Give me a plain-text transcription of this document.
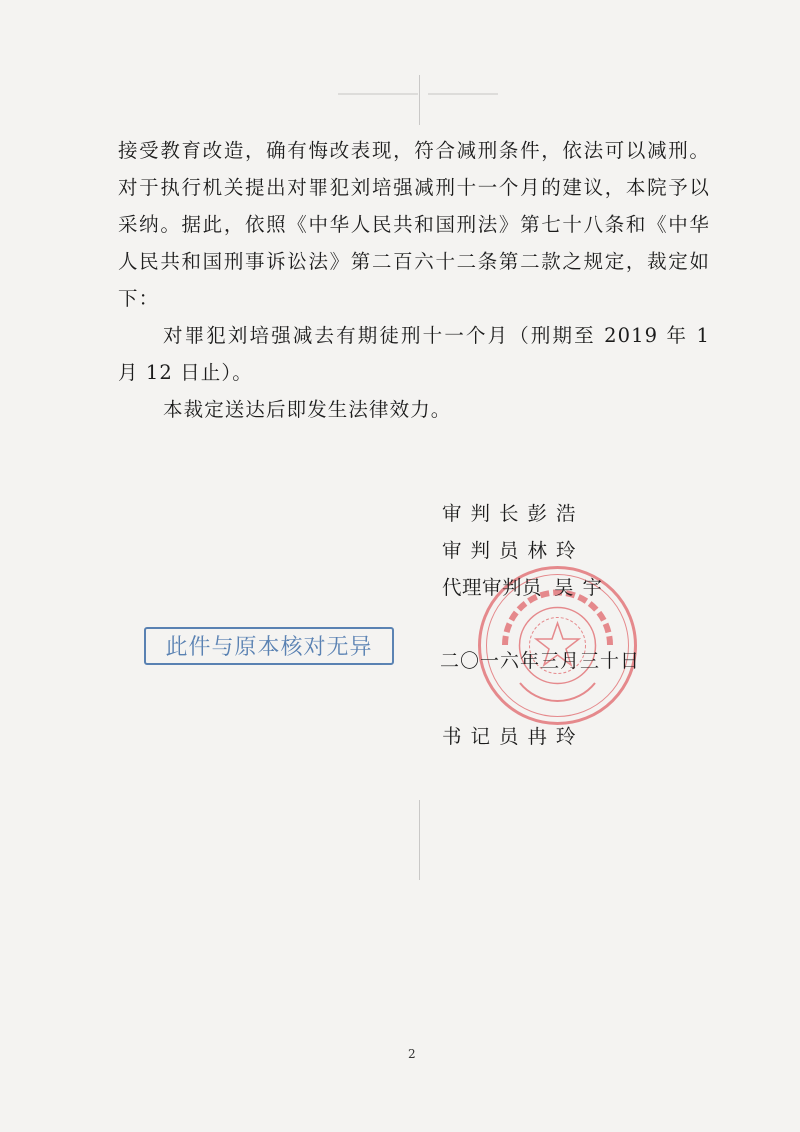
接受教育改造，确有悔改表现，符合减刑条件，依法可以减刑。对于执行机关提出对罪犯刘培强减刑十一个月的建议，本院予以采纳。据此，依照《中华人民共和国刑法》第七十八条和《中华人民共和国刑事诉讼法》第二百六十二条第二款之规定，裁定如下：

对罪犯刘培强减去有期徒刑十一个月（刑期至 2019 年 1 月 12 日止）。

本裁定送达后即发生法律效力。

审判长彭浩
审判员林玲
代理审判员 吴宇
此件与原本核对无异
二〇一六年三月三十日
书记员冉玲
2
